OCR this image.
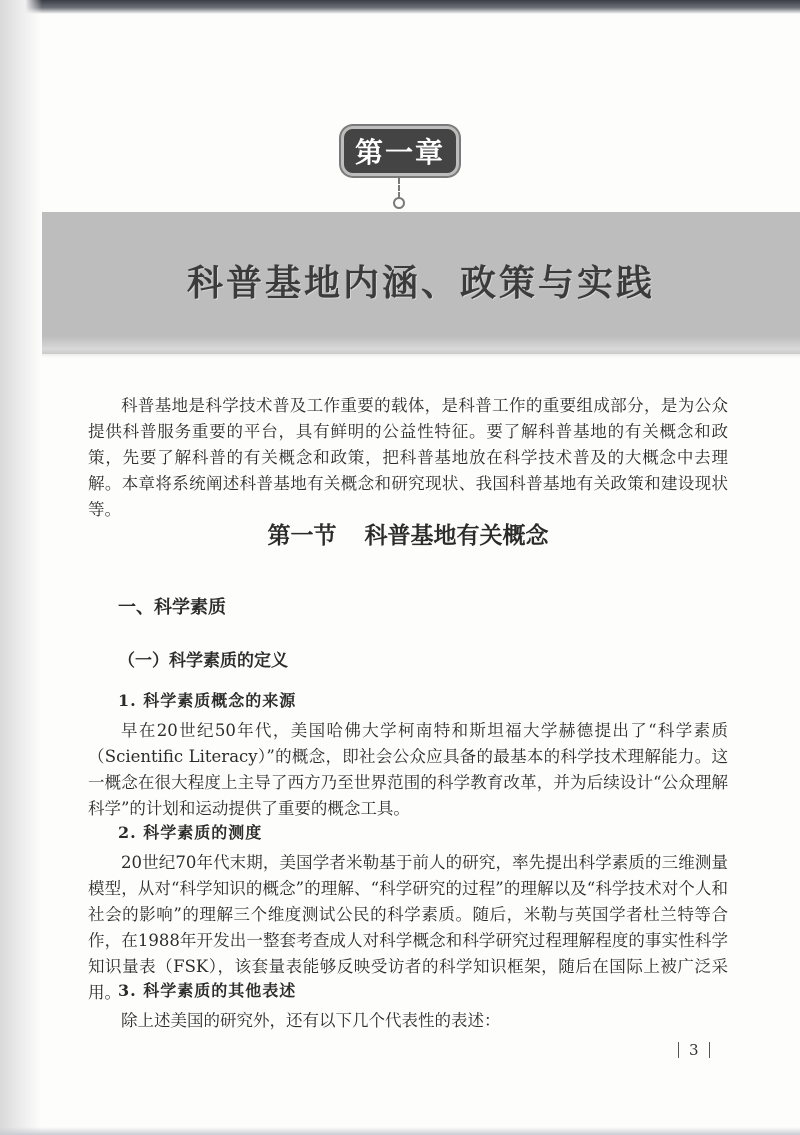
第一章
科普基地内涵、政策与实践

科普基地是科学技术普及工作重要的载体，是科普工作的重要组成部分，是为公众提供科普服务重要的平台，具有鲜明的公益性特征。要了解科普基地的有关概念和政策，先要了解科普的有关概念和政策，把科普基地放在科学技术普及的大概念中去理解。本章将系统阐述科普基地有关概念和研究现状、我国科普基地有关政策和建设现状等。

第一节 科普基地有关概念
一、科学素质
（一）科学素质的定义
1. 科学素质概念的来源

早在20世纪50年代，美国哈佛大学柯南特和斯坦福大学赫德提出了“科学素质（Scientific Literacy）”的概念，即社会公众应具备的最基本的科学技术理解能力。这一概念在很大程度上主导了西方乃至世界范围的科学教育改革，并为后续设计“公众理解科学”的计划和运动提供了重要的概念工具。

2. 科学素质的测度

20世纪70年代末期，美国学者米勒基于前人的研究，率先提出科学素质的三维测量模型，从对“科学知识的概念”的理解、“科学研究的过程”的理解以及“科学技术对个人和社会的影响”的理解三个维度测试公民的科学素质。随后，米勒与英国学者杜兰特等合作，在1988年开发出一整套考查成人对科学概念和科学研究过程理解程度的事实性科学知识量表（FSK），该套量表能够反映受访者的科学知识框架，随后在国际上被广泛采用。

3. 科学素质的其他表述

除上述美国的研究外，还有以下几个代表性的表述：

3
